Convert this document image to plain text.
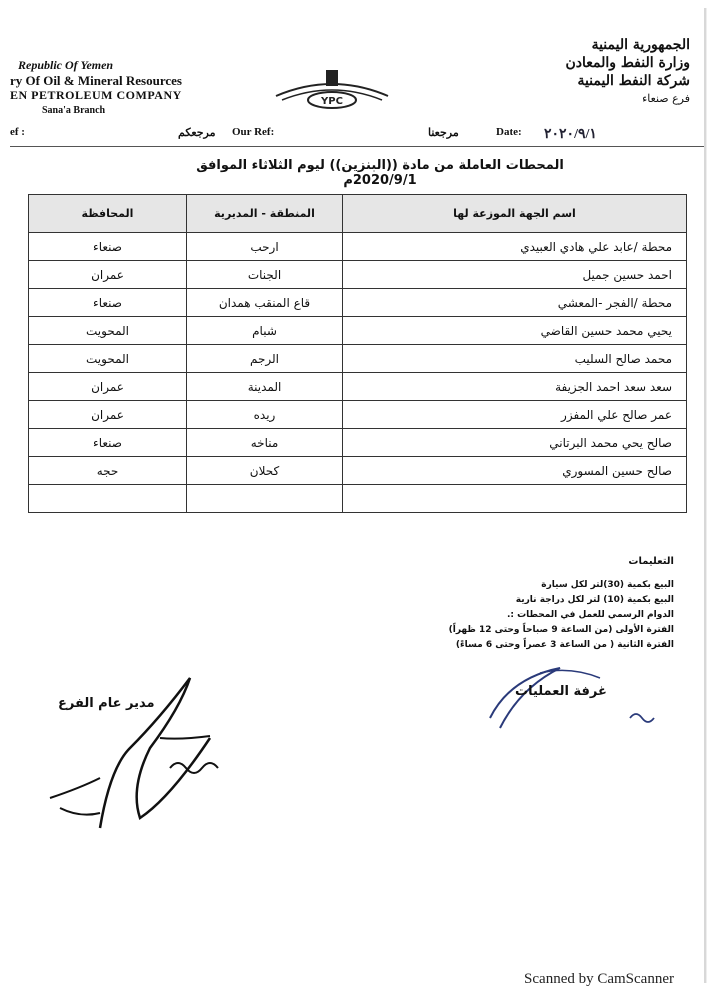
Republic Of Yemen
ry Of Oil & Mineral Resources
EN PETROLEUM COMPANY
Sana'a Branch
YPC
الجمهورية اليمنية
وزارة النفط والمعادن
شركة النفط اليمنية
فرع صنعاء
ef :	مرجعكم Our Ref:	مرجعنا	Date: ٢٠٢٠/٩/١
المحطات العاملة من مادة ((البنزين)) ليوم الثلاثاء الموافق 2020/9/1م
اسم الجهة الموزعة لها	المنطقة - المديرية	المحافظة
محطة /عابد علي هادي العبيدي	ارحب	صنعاء
احمد حسين جميل	الجنات	عمران
محطة /الفجر -المعشي	قاع المنقب همدان	صنعاء
يحيي محمد حسين القاضي	شبام	المحويت
محمد صالح السليب	الرجم	المحويت
سعد سعد احمد الجزيفة	المدينة	عمران
عمر صالح علي المفزر	ريده	عمران
صالح يحي محمد البرتاني	مناخه	صنعاء
صالح حسين المسوري	كحلان	حجه

التعليمات
البيع بكمية (30)لتر لكل سيارة
البيع بكمية (10) لتر لكل دراجة نارية
الدوام الرسمي للعمل في المحطات :.
الفترة الأولى (من الساعة 9 صباحاً وحتى 12 ظهراً)
الفترة الثانية ( من الساعة 3 عصراً وحتى 6 مساءً)
مدير عام الفرع
غرفة العمليات
Scanned by CamScanner
